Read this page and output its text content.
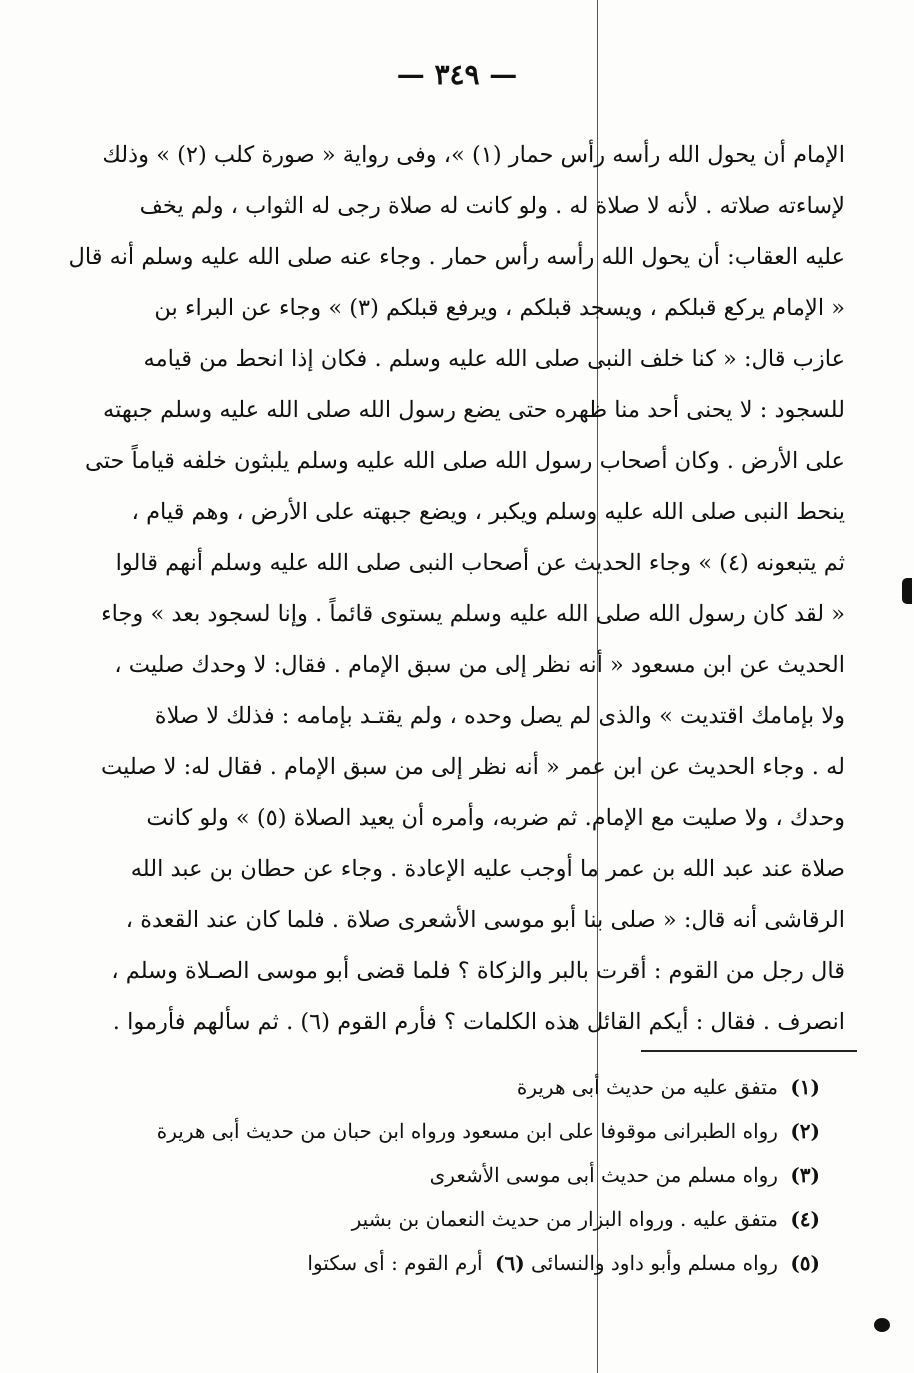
— ٣٤٩ —
الإمام أن يحول الله رأسه رأس حمار (١) »، وفى رواية « صورة كلب (٢) » وذلك
لإساءته صلاته . لأنه لا صلاة له . ولو كانت له صلاة رجى له الثواب ، ولم يخف
عليه العقاب: أن يحول الله رأسه رأس حمار . وجاء عنه صلى الله عليه وسلم أنه قال
« الإمام يركع قبلكم ، ويسجد قبلكم ، ويرفع قبلكم (٣) » وجاء عن البراء بن
عازب قال: « كنا خلف النبى صلى الله عليه وسلم . فكان إذا انحط من قيامه
للسجود : لا يحنى أحد منا ظهره حتى يضع رسول الله صلى الله عليه وسلم جبهته
على الأرض . وكان أصحاب رسول الله صلى الله عليه وسلم يلبثون خلفه قياماً حتى
ينحط النبى صلى الله عليه وسلم ويكبر ، ويضع جبهته على الأرض ، وهم قيام ،
ثم يتبعونه (٤) » وجاء الحديث عن أصحاب النبى صلى الله عليه وسلم أنهم قالوا
« لقد كان رسول الله صلى الله عليه وسلم يستوى قائماً . وإنا لسجود بعد » وجاء
الحديث عن ابن مسعود « أنه نظر إلى من سبق الإمام . فقال: لا وحدك صليت ،
ولا بإمامك اقتديت » والذى لم يصل وحده ، ولم يقتـد بإمامه : فذلك لا صلاة
له . وجاء الحديث عن ابن عمر « أنه نظر إلى من سبق الإمام . فقال له: لا صليت
وحدك ، ولا صليت مع الإمام. ثم ضربه، وأمره أن يعيد الصلاة (٥) » ولو كانت
صلاة عند عبد الله بن عمر ما أوجب عليه الإعادة . وجاء عن حطان بن عبد الله
الرقاشى أنه قال: « صلى بنا أبو موسى الأشعرى صلاة . فلما كان عند القعدة ،
قال رجل من القوم : أقرت بالبر والزكاة ؟ فلما قضى أبو موسى الصـلاة وسلم ،
انصرف . فقال : أيكم القائل هذه الكلمات ؟ فأرم القوم (٦) . ثم سألهم فأرموا .
(١) متفق عليه من حديث أبى هريرة
(٢) رواه الطبرانى موقوفا على ابن مسعود ورواه ابن حبان من حديث أبى هريرة
(٣) رواه مسلم من حديث أبى موسى الأشعرى
(٤) متفق عليه . ورواه البزار من حديث النعمان بن بشير
(٥) رواه مسلم وأبو داود والنسائى (٦) أرم القوم : أى سكتوا
